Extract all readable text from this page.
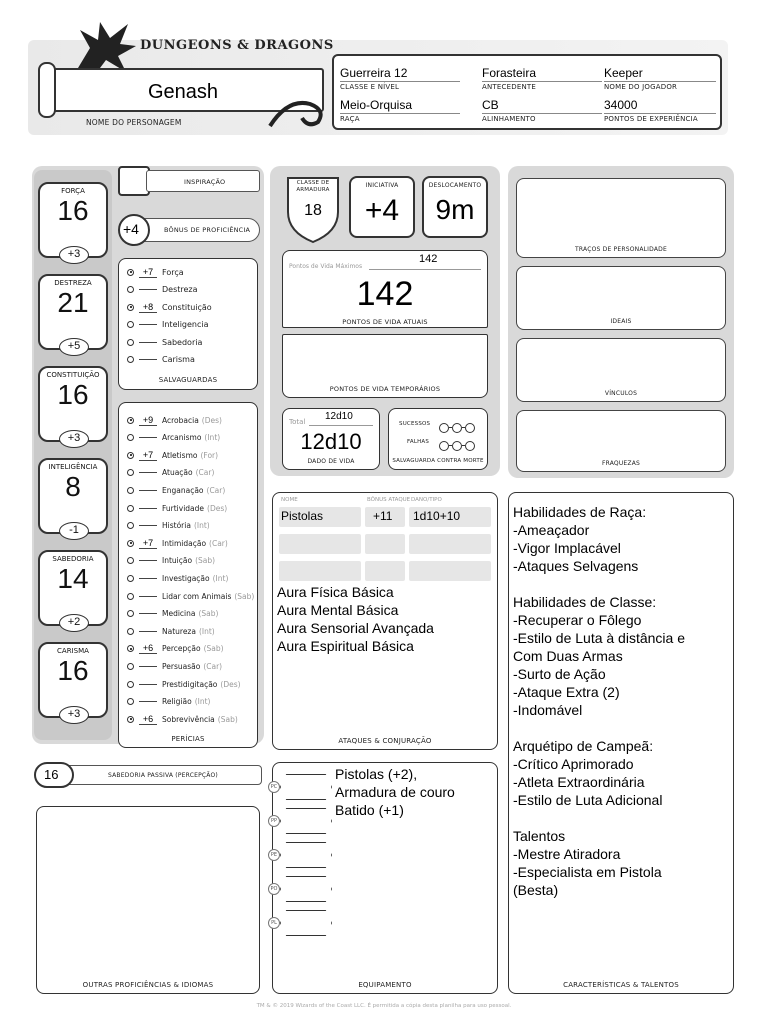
DUNGEONS & DRAGONS
Genash
NOME DO PERSONAGEM
Guerreira 12
CLASSE E NÍVEL
Forasteira
ANTECEDENTE
Keeper
NOME DO JOGADOR
Meio-Orquisa
RAÇA
CB
ALINHAMENTO
34000
PONTOS DE EXPERIÊNCIA
FORÇA
16
+3
DESTREZA
21
+5
CONSTITUIÇÃO
16
+3
INTELIGÊNCIA
8
-1
SABEDORIA
14
+2
CARISMA
16
+3
INSPIRAÇÃO
+4	BÔNUS DE PROFICIÊNCIA
+7	Força
Destreza
+8	Constituição
Inteligencia
Sabedoria
Carisma
SALVAGUARDAS
+9	Acrobacia (Des)
Arcanismo (Int)
+7	Atletismo (For)
Atuação (Car)
Enganação (Car)
Furtividade (Des)
História (Int)
+7	Intimidação (Car)
Intuição (Sab)
Investigação (Int)
Lidar com Animais (Sab)
Medicina (Sab)
Natureza (Int)
+6	Percepção (Sab)
Persuasão (Car)
Prestidigitação (Des)
Religião (Int)
+6	Sobrevivência (Sab)
PERÍCIAS
16	SABEDORIA PASSIVA (PERCEPÇÃO)
OUTRAS PROFICIÊNCIAS & IDIOMAS
CLASSE DE ARMADURA
18
INICIATIVA
+4
DESLOCAMENTO
9m
Pontos de Vida Máximos
142
142
PONTOS DE VIDA ATUAIS
PONTOS DE VIDA TEMPORÁRIOS
Total 12d10
12d10
DADO DE VIDA
SUCESSOS
FALHAS
SALVAGUARDA CONTRA MORTE
NOME	BÔNUS ATAQUE DANO/TIPO
Pistolas	+11 1d10+10
Aura Física Básica
Aura Mental Básica
Aura Sensorial Avançada
Aura Espiritual Básica
ATAQUES & CONJURAÇÃO
Pistolas (+2),
Armadura de couro
Batido (+1)
EQUIPAMENTO
PC
PP
PE
PO
PL
TRAÇOS DE PERSONALIDADE
IDEAIS
VÍNCULOS
FRAQUEZAS
Habilidades de Raça:
-Ameaçador
-Vigor Implacável
-Ataques Selvagens

Habilidades de Classe:
-Recuperar o Fôlego
-Estilo de Luta à distância e
Com Duas Armas
-Surto de Ação
-Ataque Extra (2)
-Indomável

Arquétipo de Campeã:
-Crítico Aprimorado
-Atleta Extraordinária
-Estilo de Luta Adicional

Talentos
-Mestre Atiradora
-Especialista em Pistola
(Besta)
CARACTERÍSTICAS & TALENTOS
TM & © 2019 Wizards of the Coast LLC. É permitida a cópia desta planilha para uso pessoal.
